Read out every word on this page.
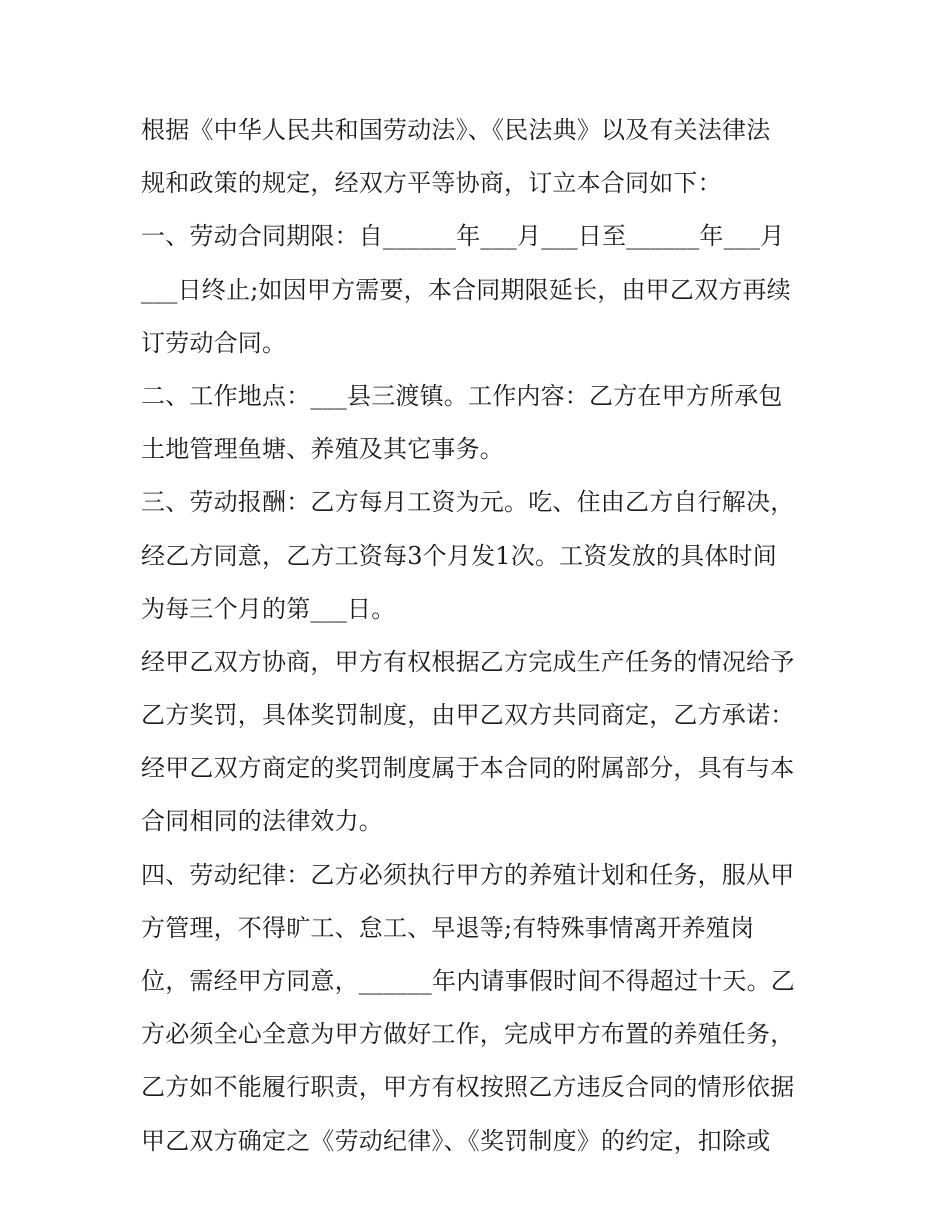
根据《中华人民共和国劳动法》、《民法典》以及有关法律法
规和政策的规定，经双方平等协商，订立本合同如下：
一、劳动合同期限：自______年___月___日至______年___月
___日终止;如因甲方需要，本合同期限延长，由甲乙双方再续
订劳动合同。
二、工作地点：___县三渡镇。工作内容：乙方在甲方所承包
土地管理鱼塘、养殖及其它事务。
三、劳动报酬：乙方每月工资为元。吃、住由乙方自行解决，
经乙方同意，乙方工资每3个月发1次。工资发放的具体时间
为每三个月的第___日。
经甲乙双方协商，甲方有权根据乙方完成生产任务的情况给予
乙方奖罚，具体奖罚制度，由甲乙双方共同商定，乙方承诺：
经甲乙双方商定的奖罚制度属于本合同的附属部分，具有与本
合同相同的法律效力。
四、劳动纪律：乙方必须执行甲方的养殖计划和任务，服从甲
方管理，不得旷工、怠工、早退等;有特殊事情离开养殖岗
位，需经甲方同意，______年内请事假时间不得超过十天。乙
方必须全心全意为甲方做好工作，完成甲方布置的养殖任务，
乙方如不能履行职责，甲方有权按照乙方违反合同的情形依据
甲乙双方确定之《劳动纪律》、《奖罚制度》的约定，扣除或
